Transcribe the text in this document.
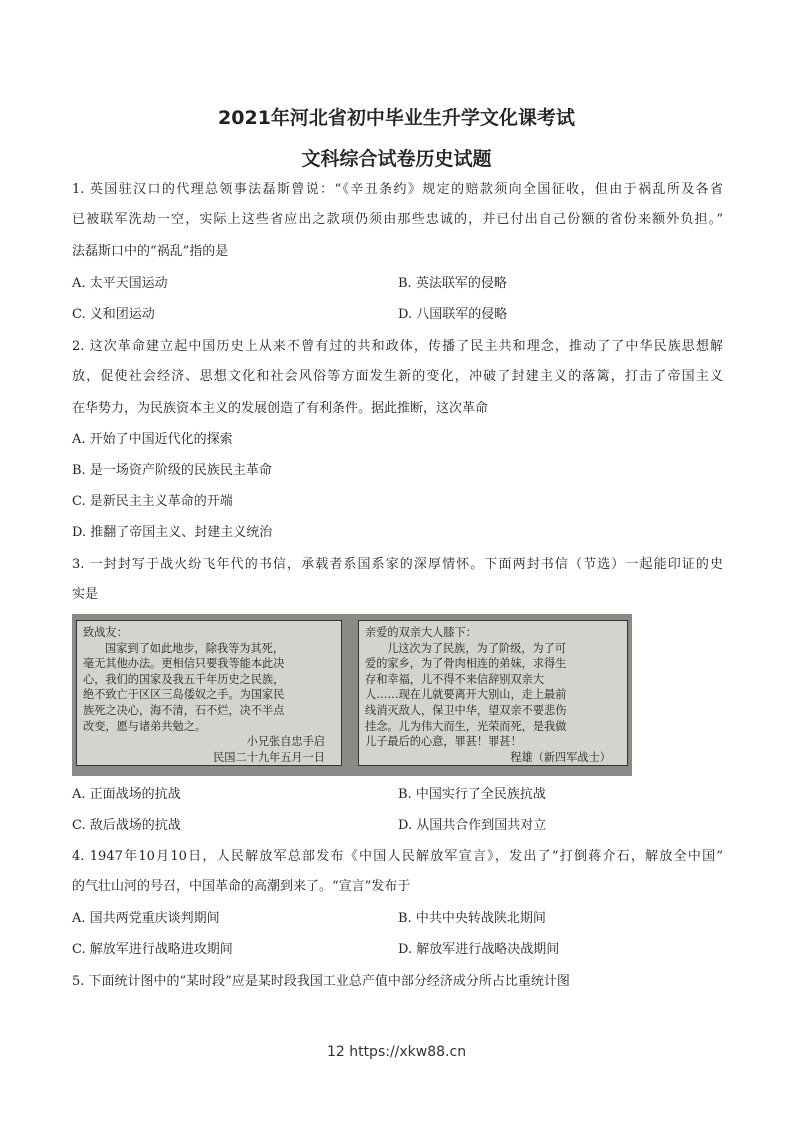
2021年河北省初中毕业生升学文化课考试
文科综合试卷历史试题
1. 英国驻汉口的代理总领事法磊斯曾说：“《辛丑条约》规定的赔款须向全国征收，但由于祸乱所及各省
已被联军洗劫一空，实际上这些省应出之款项仍须由那些忠诚的，并已付出自己份额的省份来额外负担。”
法磊斯口中的“祸乱”指的是
A. 太平天国运动	B. 英法联军的侵略
C. 义和团运动	D. 八国联军的侵略
2. 这次革命建立起中国历史上从来不曾有过的共和政体，传播了民主共和理念，推动了了中华民族思想解
放，促使社会经济、思想文化和社会风俗等方面发生新的变化，冲破了封建主义的落篱，打击了帝国主义
在华势力，为民族资本主义的发展创造了有利条件。据此推断，这次革命
A. 开始了中国近代化的探索
B. 是一场资产阶级的民族民主革命
C. 是新民主主义革命的开端
D. 推翻了帝国主义、封建主义统治
3. 一封封写于战火纷飞年代的书信，承载者系国系家的深厚情怀。下面两封书信（节选）一起能印证的史
实是
致战友：
国家到了如此地步，除我等为其死，
毫无其他办法。更相信只要我等能本此决
心，我们的国家及我五千年历史之民族，
绝不致亡于区区三岛倭奴之手。为国家民
族死之决心，海不清，石不烂，决不半点
改变，愿与诸弟共勉之。
小兄张自忠手启
民国二十九年五月一日
亲爱的双亲大人膝下：
儿这次为了民族，为了阶级，为了可
爱的家乡，为了骨肉相连的弟妹，求得生
存和幸福，儿不得不来信辞别双亲大
人……现在儿就要离开大别山，走上最前
线消灭敌人，保卫中华，望双亲不要悲伤
挂念。儿为伟大而生，光荣而死，是我做
儿子最后的心意，罪甚！罪甚！
程雄（新四军战士）
A. 正面战场的抗战	B. 中国实行了全民族抗战
C. 敌后战场的抗战	D. 从国共合作到国共对立
4. 1947年10月10日，人民解放军总部发布《中国人民解放军宣言》，发出了“打倒蒋介石，解放全中国”
的气壮山河的号召，中国革命的高潮到来了。“宣言”发布于
A. 国共两党重庆谈判期间	B. 中共中央转战陕北期间
C. 解放军进行战略进攻期间	D. 解放军进行战略决战期间
5. 下面统计图中的“某时段”应是某时段我国工业总产值中部分经济成分所占比重统计图
12 https://xkw88.cn
